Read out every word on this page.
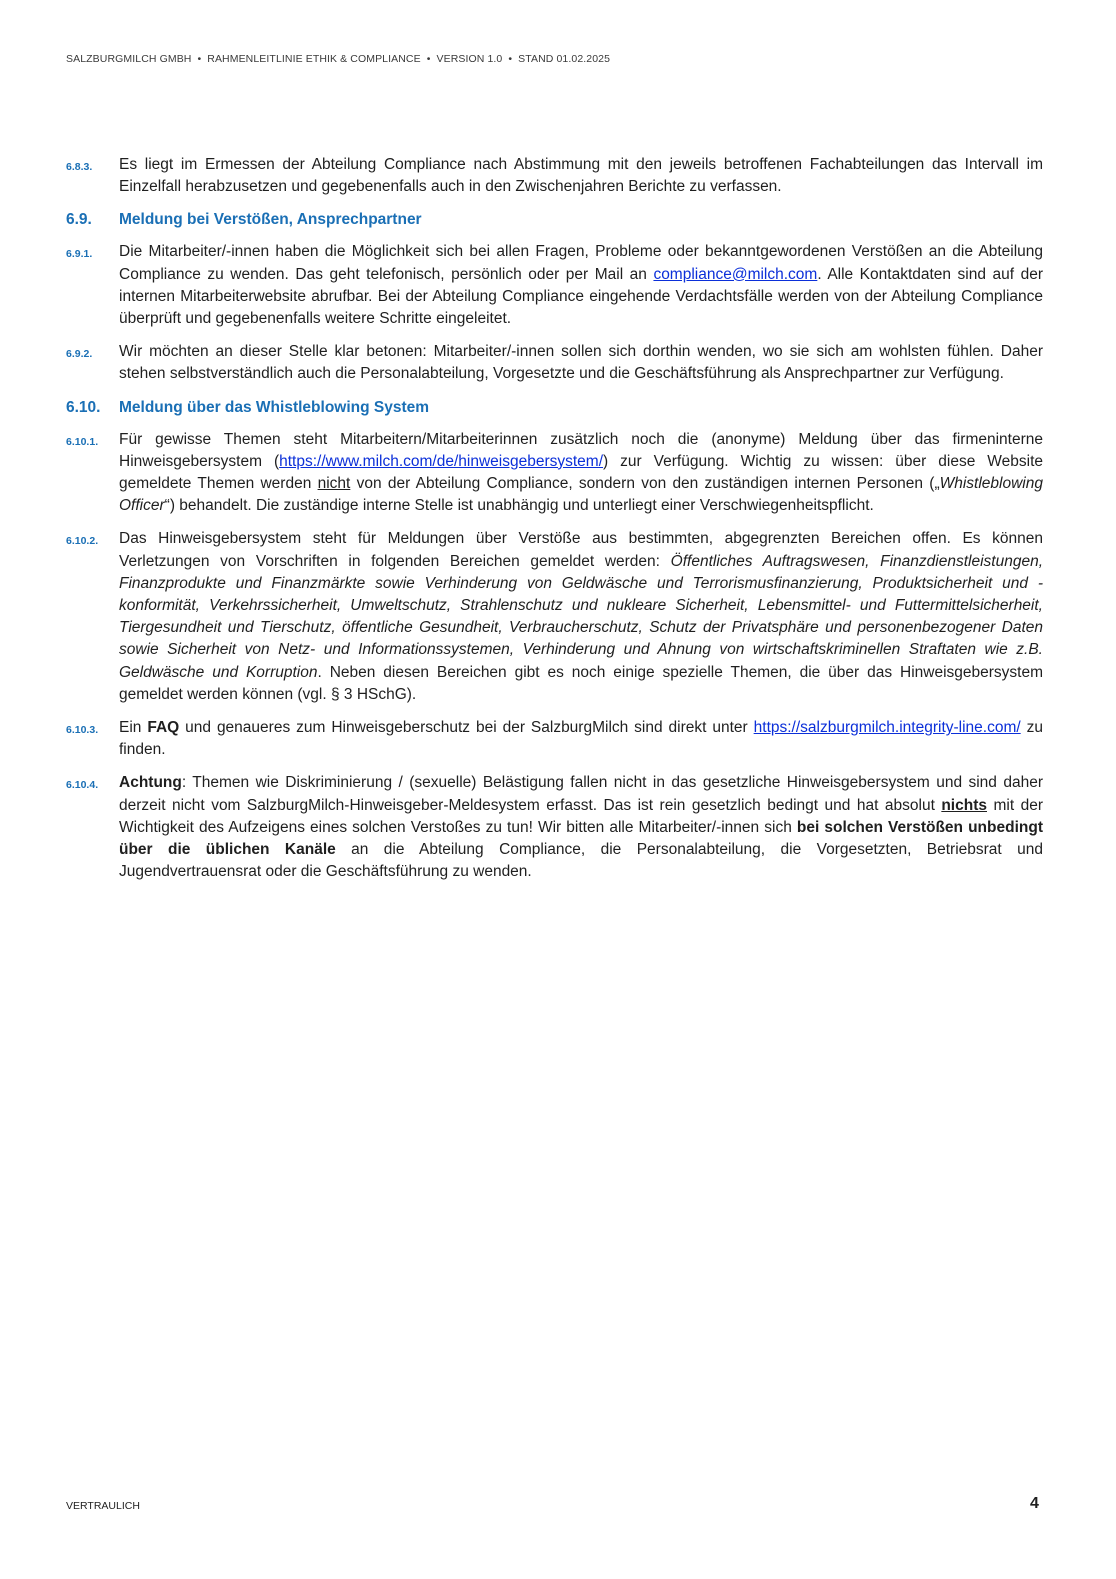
SALZBURGMILCH GMBH • RAHMENLEITLINIE ETHIK & COMPLIANCE • VERSION 1.0 • STAND 01.02.2025
6.8.3. Es liegt im Ermessen der Abteilung Compliance nach Abstimmung mit den jeweils betroffenen Fachabteilungen das Intervall im Einzelfall herabzusetzen und gegebenenfalls auch in den Zwischenjahren Berichte zu verfassen.
6.9. Meldung bei Verstößen, Ansprechpartner
6.9.1. Die Mitarbeiter/-innen haben die Möglichkeit sich bei allen Fragen, Probleme oder bekanntgewordenen Verstößen an die Abteilung Compliance zu wenden. Das geht telefonisch, persönlich oder per Mail an compliance@milch.com. Alle Kontaktdaten sind auf der internen Mitarbeiterwebsite abrufbar. Bei der Abteilung Compliance eingehende Verdachtsfälle werden von der Abteilung Compliance überprüft und gegebenenfalls weitere Schritte eingeleitet.
6.9.2. Wir möchten an dieser Stelle klar betonen: Mitarbeiter/-innen sollen sich dorthin wenden, wo sie sich am wohlsten fühlen. Daher stehen selbstverständlich auch die Personalabteilung, Vorgesetzte und die Geschäftsführung als Ansprechpartner zur Verfügung.
6.10. Meldung über das Whistleblowing System
6.10.1. Für gewisse Themen steht Mitarbeitern/Mitarbeiterinnen zusätzlich noch die (anonyme) Meldung über das firmeninterne Hinweisgebersystem (https://www.milch.com/de/hinweisgebersystem/) zur Verfügung. Wichtig zu wissen: über diese Website gemeldete Themen werden nicht von der Abteilung Compliance, sondern von den zuständigen internen Personen („Whistleblowing Officer“) behandelt. Die zuständige interne Stelle ist unabhängig und unterliegt einer Verschwiegenheitspflicht.
6.10.2. Das Hinweisgebersystem steht für Meldungen über Verstöße aus bestimmten, abgegrenzten Bereichen offen. Es können Verletzungen von Vorschriften in folgenden Bereichen gemeldet werden: Öffentliches Auftragswesen, Finanzdienstleistungen, Finanzprodukte und Finanzmärkte sowie Verhinderung von Geldwäsche und Terrorismusfinanzierung, Produktsicherheit und -konformität, Verkehrssicherheit, Umweltschutz, Strahlenschutz und nukleare Sicherheit, Lebensmittel- und Futtermittelsicherheit, Tiergesundheit und Tierschutz, öffentliche Gesundheit, Verbraucherschutz, Schutz der Privatsphäre und personenbezogener Daten sowie Sicherheit von Netz- und Informationssystemen, Verhinderung und Ahnung von wirtschaftskriminellen Straftaten wie z.B. Geldwäsche und Korruption. Neben diesen Bereichen gibt es noch einige spezielle Themen, die über das Hinweisgebersystem gemeldet werden können (vgl. § 3 HSchG).
6.10.3. Ein FAQ und genaueres zum Hinweisgeberschutz bei der SalzburgMilch sind direkt unter https://salzburgmilch.integrity-line.com/ zu finden.
6.10.4. Achtung: Themen wie Diskriminierung / (sexuelle) Belästigung fallen nicht in das gesetzliche Hinweisgebersystem und sind daher derzeit nicht vom SalzburgMilch-Hinweisgeber-Meldesystem erfasst. Das ist rein gesetzlich bedingt und hat absolut nichts mit der Wichtigkeit des Aufzeigens eines solchen Verstoßes zu tun! Wir bitten alle Mitarbeiter/-innen sich bei solchen Verstößen unbedingt über die üblichen Kanäle an die Abteilung Compliance, die Personalabteilung, die Vorgesetzten, Betriebsrat und Jugendvertrauensrat oder die Geschäftsführung zu wenden.
VERTRAULICH	4
